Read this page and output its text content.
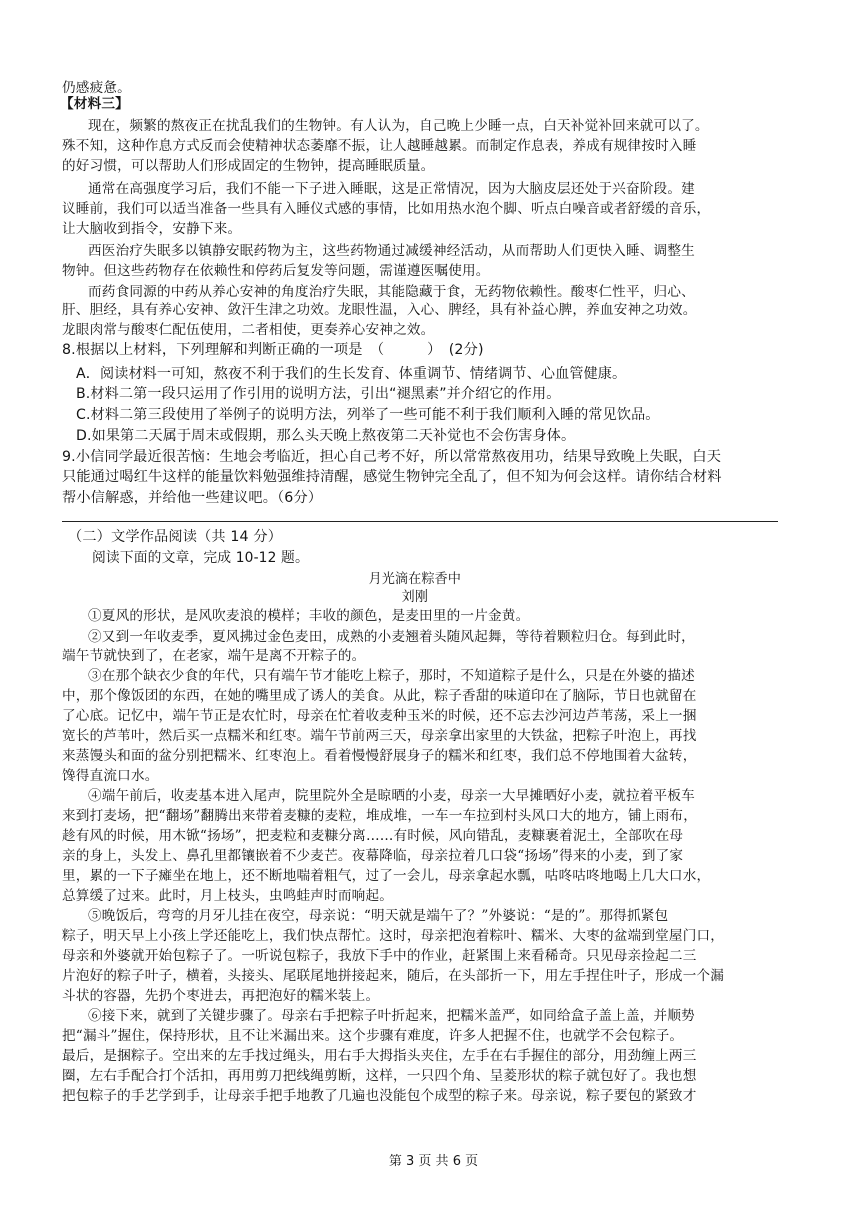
仍感疲惫。
【材料三】
现在，频繁的熬夜正在扰乱我们的生物钟。有人认为，自己晚上少睡一点，白天补觉补回来就可以了。
殊不知，这种作息方式反而会使精神状态萎靡不振，让人越睡越累。而制定作息表，养成有规律按时入睡
的好习惯，可以帮助人们形成固定的生物钟，提高睡眠质量。
通常在高强度学习后，我们不能一下子进入睡眠，这是正常情况，因为大脑皮层还处于兴奋阶段。建
议睡前，我们可以适当准备一些具有入睡仪式感的事情，比如用热水泡个脚、听点白噪音或者舒缓的音乐，
让大脑收到指令，安静下来。
西医治疗失眠多以镇静安眠药物为主，这些药物通过减缓神经活动，从而帮助人们更快入睡、调整生
物钟。但这些药物存在依赖性和停药后复发等问题，需谨遵医嘱使用。
而药食同源的中药从养心安神的角度治疗失眠，其能隐藏于食，无药物依赖性。酸枣仁性平，归心、
肝、胆经，具有养心安神、敛汗生津之功效。龙眼性温，入心、脾经，具有补益心脾，养血安神之功效。
龙眼肉常与酸枣仁配伍使用，二者相使，更奏养心安神之效。
8.根据以上材料，下列理解和判断正确的一项是　（　　　）　(2分)
A．阅读材料一可知，熬夜不利于我们的生长发育、体重调节、情绪调节、心血管健康。
B.材料二第一段只运用了作引用的说明方法，引出“褪黑素”并介绍它的作用。
C.材料二第三段使用了举例子的说明方法，列举了一些可能不利于我们顺利入睡的常见饮品。
D.如果第二天属于周末或假期，那么头天晚上熬夜第二天补觉也不会伤害身体。
9.小信同学最近很苦恼：生地会考临近，担心自己考不好，所以常常熬夜用功，结果导致晚上失眠，白天
只能通过喝红牛这样的能量饮料勉强维持清醒，感觉生物钟完全乱了，但不知为何会这样。请你结合材料
帮小信解惑，并给他一些建议吧。（6分）
（二）文学作品阅读（共 14 分）
阅读下面的文章，完成 10-12 题。
月光滴在粽香中
刘刚
①夏风的形状，是风吹麦浪的模样；丰收的颜色，是麦田里的一片金黄。
②又到一年收麦季，夏风拂过金色麦田，成熟的小麦翘着头随风起舞，等待着颗粒归仓。每到此时，
端午节就快到了，在老家，端午是离不开粽子的。
③在那个缺衣少食的年代，只有端午节才能吃上粽子，那时，不知道粽子是什么，只是在外婆的描述
中，那个像饭团的东西，在她的嘴里成了诱人的美食。从此，粽子香甜的味道印在了脑际，节日也就留在
了心底。记忆中，端午节正是农忙时，母亲在忙着收麦种玉米的时候，还不忘去沙河边芦苇荡，采上一捆
宽长的芦苇叶，然后买一点糯米和红枣。端午节前两三天，母亲拿出家里的大铁盆，把粽子叶泡上，再找
来蒸馒头和面的盆分别把糯米、红枣泡上。看着慢慢舒展身子的糯米和红枣，我们总不停地围着大盆转，
馋得直流口水。
④端午前后，收麦基本进入尾声，院里院外全是晾晒的小麦，母亲一大早摊晒好小麦，就拉着平板车
来到打麦场，把“翻场”翻腾出来带着麦糠的麦粒，堆成堆，一车一车拉到村头风口大的地方，铺上雨布，
趁有风的时候，用木锨“扬场”，把麦粒和麦糠分离……有时候，风向错乱，麦糠裹着泥土，全部吹在母
亲的身上，头发上、鼻孔里都镶嵌着不少麦芒。夜幕降临，母亲拉着几口袋“扬场”得来的小麦，到了家
里，累的一下子瘫坐在地上，还不断地喘着粗气，过了一会儿，母亲拿起水瓢，咕咚咕咚地喝上几大口水，
总算缓了过来。此时，月上枝头，虫鸣蛙声时而响起。
⑤晚饭后，弯弯的月牙儿挂在夜空，母亲说：“明天就是端午了？”外婆说：“是的”。那得抓紧包
粽子，明天早上小孩上学还能吃上，我们快点帮忙。这时，母亲把泡着粽叶、糯米、大枣的盆端到堂屋门口，
母亲和外婆就开始包粽子了。一听说包粽子，我放下手中的作业，赶紧围上来看稀奇。只见母亲捡起二三
片泡好的粽子叶子，横着，头接头、尾联尾地拼接起来，随后，在头部折一下，用左手捏住叶子，形成一个漏
斗状的容器，先扔个枣进去，再把泡好的糯米装上。
⑥接下来，就到了关键步骤了。母亲右手把粽子叶折起来，把糯米盖严，如同给盒子盖上盖，并顺势
把“漏斗”握住，保持形状，且不让米漏出来。这个步骤有难度，许多人把握不住，也就学不会包粽子。
最后，是捆粽子。空出来的左手找过绳头，用右手大拇指头夹住，左手在右手握住的部分，用劲缠上两三
圈，左右手配合打个活扣，再用剪刀把线绳剪断，这样，一只四个角、呈菱形状的粽子就包好了。我也想
把包粽子的手艺学到手，让母亲手把手地教了几遍也没能包个成型的粽子来。母亲说，粽子要包的紧致才
第 3 页 共 6 页
